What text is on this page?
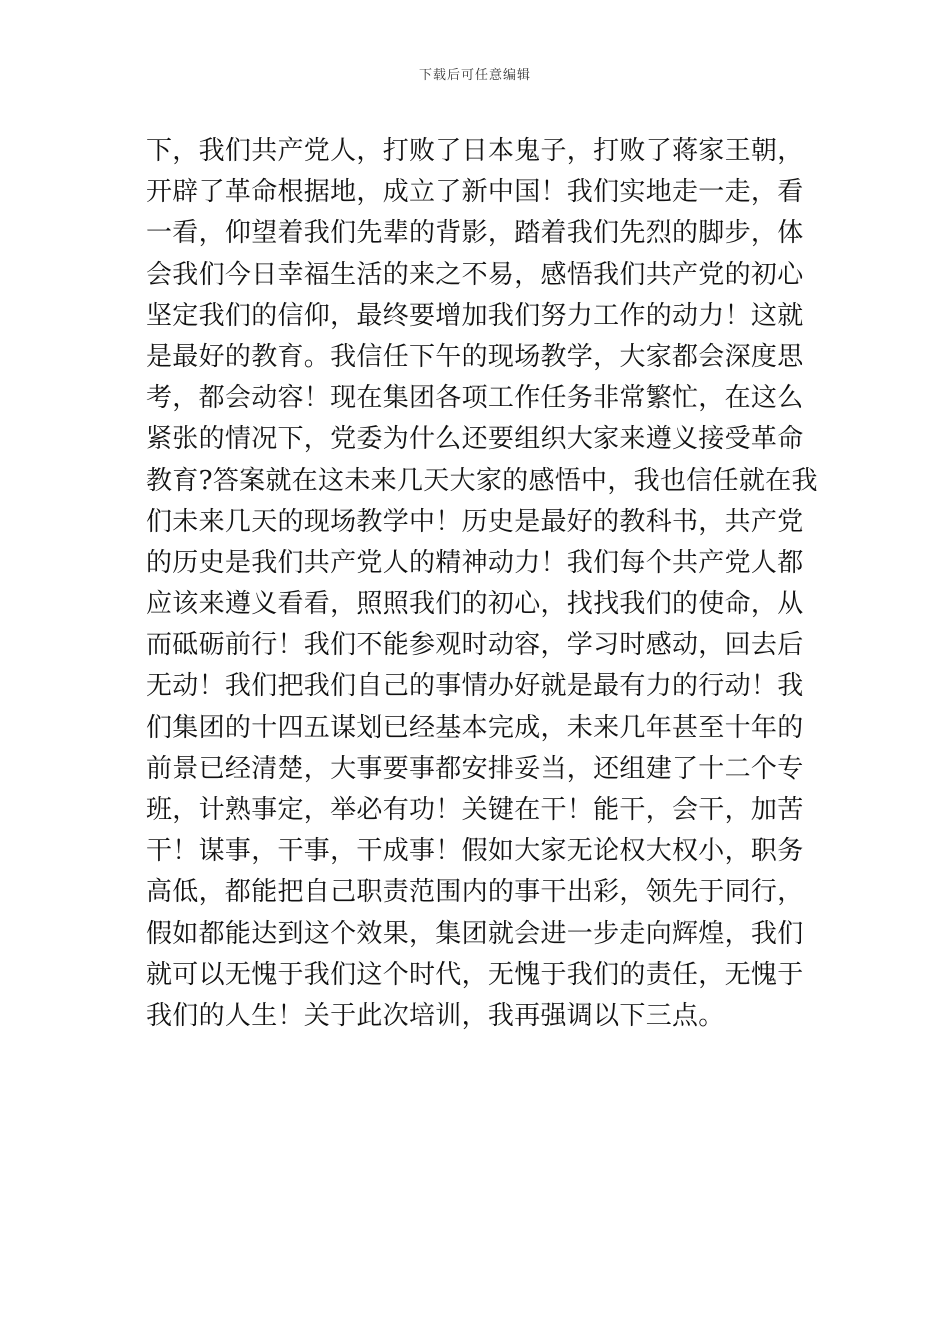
下载后可任意编辑
下，我们共产党人，打败了日本鬼子，打败了蒋家王朝，
开辟了革命根据地，成立了新中国！我们实地走一走，看
一看，仰望着我们先辈的背影，踏着我们先烈的脚步，体
会我们今日幸福生活的来之不易，感悟我们共产党的初心
坚定我们的信仰，最终要增加我们努力工作的动力！这就
是最好的教育。我信任下午的现场教学，大家都会深度思
考，都会动容！现在集团各项工作任务非常繁忙，在这么
紧张的情况下，党委为什么还要组织大家来遵义接受革命
教育?答案就在这未来几天大家的感悟中，我也信任就在我
们未来几天的现场教学中！历史是最好的教科书，共产党
的历史是我们共产党人的精神动力！我们每个共产党人都
应该来遵义看看，照照我们的初心，找找我们的使命，从
而砥砺前行！我们不能参观时动容，学习时感动，回去后
无动！我们把我们自己的事情办好就是最有力的行动！我
们集团的十四五谋划已经基本完成，未来几年甚至十年的
前景已经清楚，大事要事都安排妥当，还组建了十二个专
班，计熟事定，举必有功！关键在干！能干，会干，加苦
干！谋事，干事，干成事！假如大家无论权大权小，职务
高低，都能把自己职责范围内的事干出彩，领先于同行，
假如都能达到这个效果，集团就会进一步走向辉煌，我们
就可以无愧于我们这个时代，无愧于我们的责任，无愧于
我们的人生！关于此次培训，我再强调以下三点。
